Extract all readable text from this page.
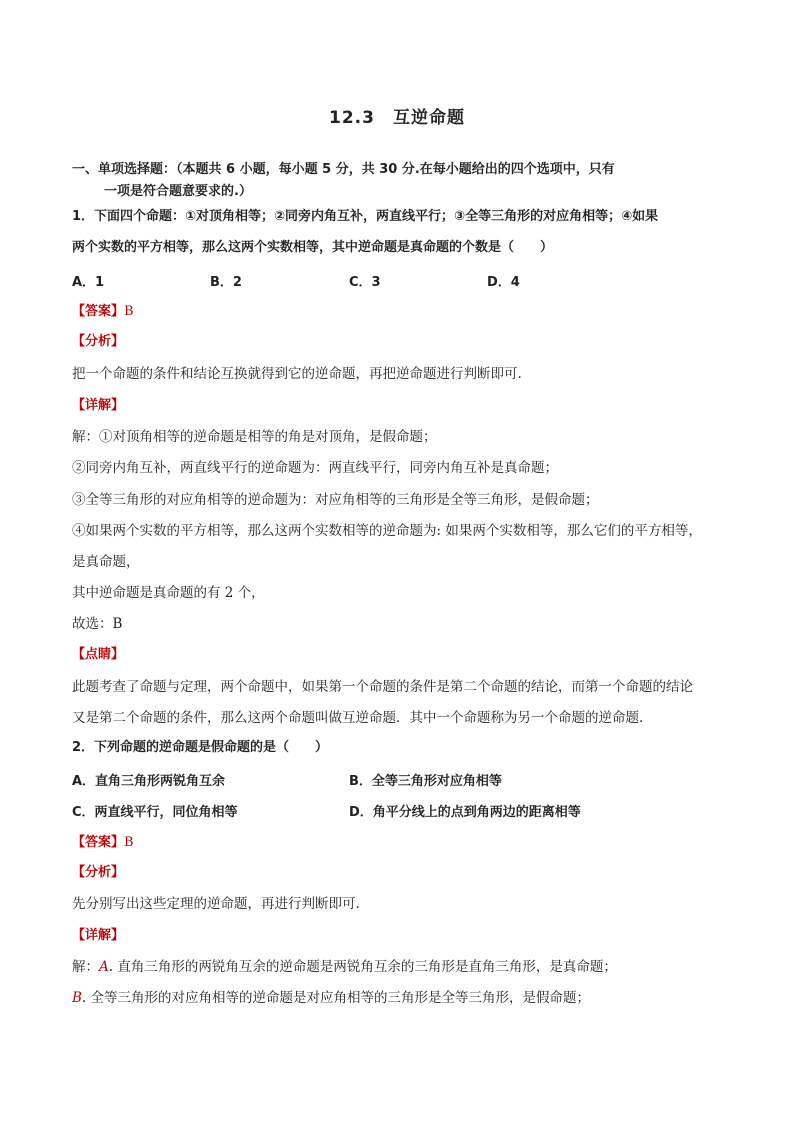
12.3　互逆命题
一、单项选择题：（本题共 6 小题，每小题 5 分，共 30 分.在每小题给出的四个选项中，只有
一项是符合题意要求的.）
1．下面四个命题：①对顶角相等；②同旁内角互补，两直线平行；③全等三角形的对应角相等；④如果
两个实数的平方相等，那么这两个实数相等，其中逆命题是真命题的个数是（　　）
A．1	B．2	C．3	D．4
【答案】B
【分析】
把一个命题的条件和结论互换就得到它的逆命题，再把逆命题进行判断即可.
【详解】
解：①对顶角相等的逆命题是相等的角是对顶角，是假命题；
②同旁内角互补，两直线平行的逆命题为：两直线平行，同旁内角互补是真命题；
③全等三角形的对应角相等的逆命题为：对应角相等的三角形是全等三角形，是假命题；
④如果两个实数的平方相等，那么这两个实数相等的逆命题为: 如果两个实数相等，那么它们的平方相等，
是真命题，
其中逆命题是真命题的有 2 个，
故选：B
【点睛】
此题考查了命题与定理，两个命题中，如果第一个命题的条件是第二个命题的结论，而第一个命题的结论
又是第二个命题的条件，那么这两个命题叫做互逆命题．其中一个命题称为另一个命题的逆命题.
2．下列命题的逆命题是假命题的是（　　）
A．直角三角形两锐角互余	B．全等三角形对应角相等
C．两直线平行，同位角相等	D．角平分线上的点到角两边的距离相等
【答案】B
【分析】
先分别写出这些定理的逆命题，再进行判断即可.
【详解】
解：A. 直角三角形的两锐角互余的逆命题是两锐角互余的三角形是直角三角形，是真命题；
B. 全等三角形的对应角相等的逆命题是对应角相等的三角形是全等三角形，是假命题；
